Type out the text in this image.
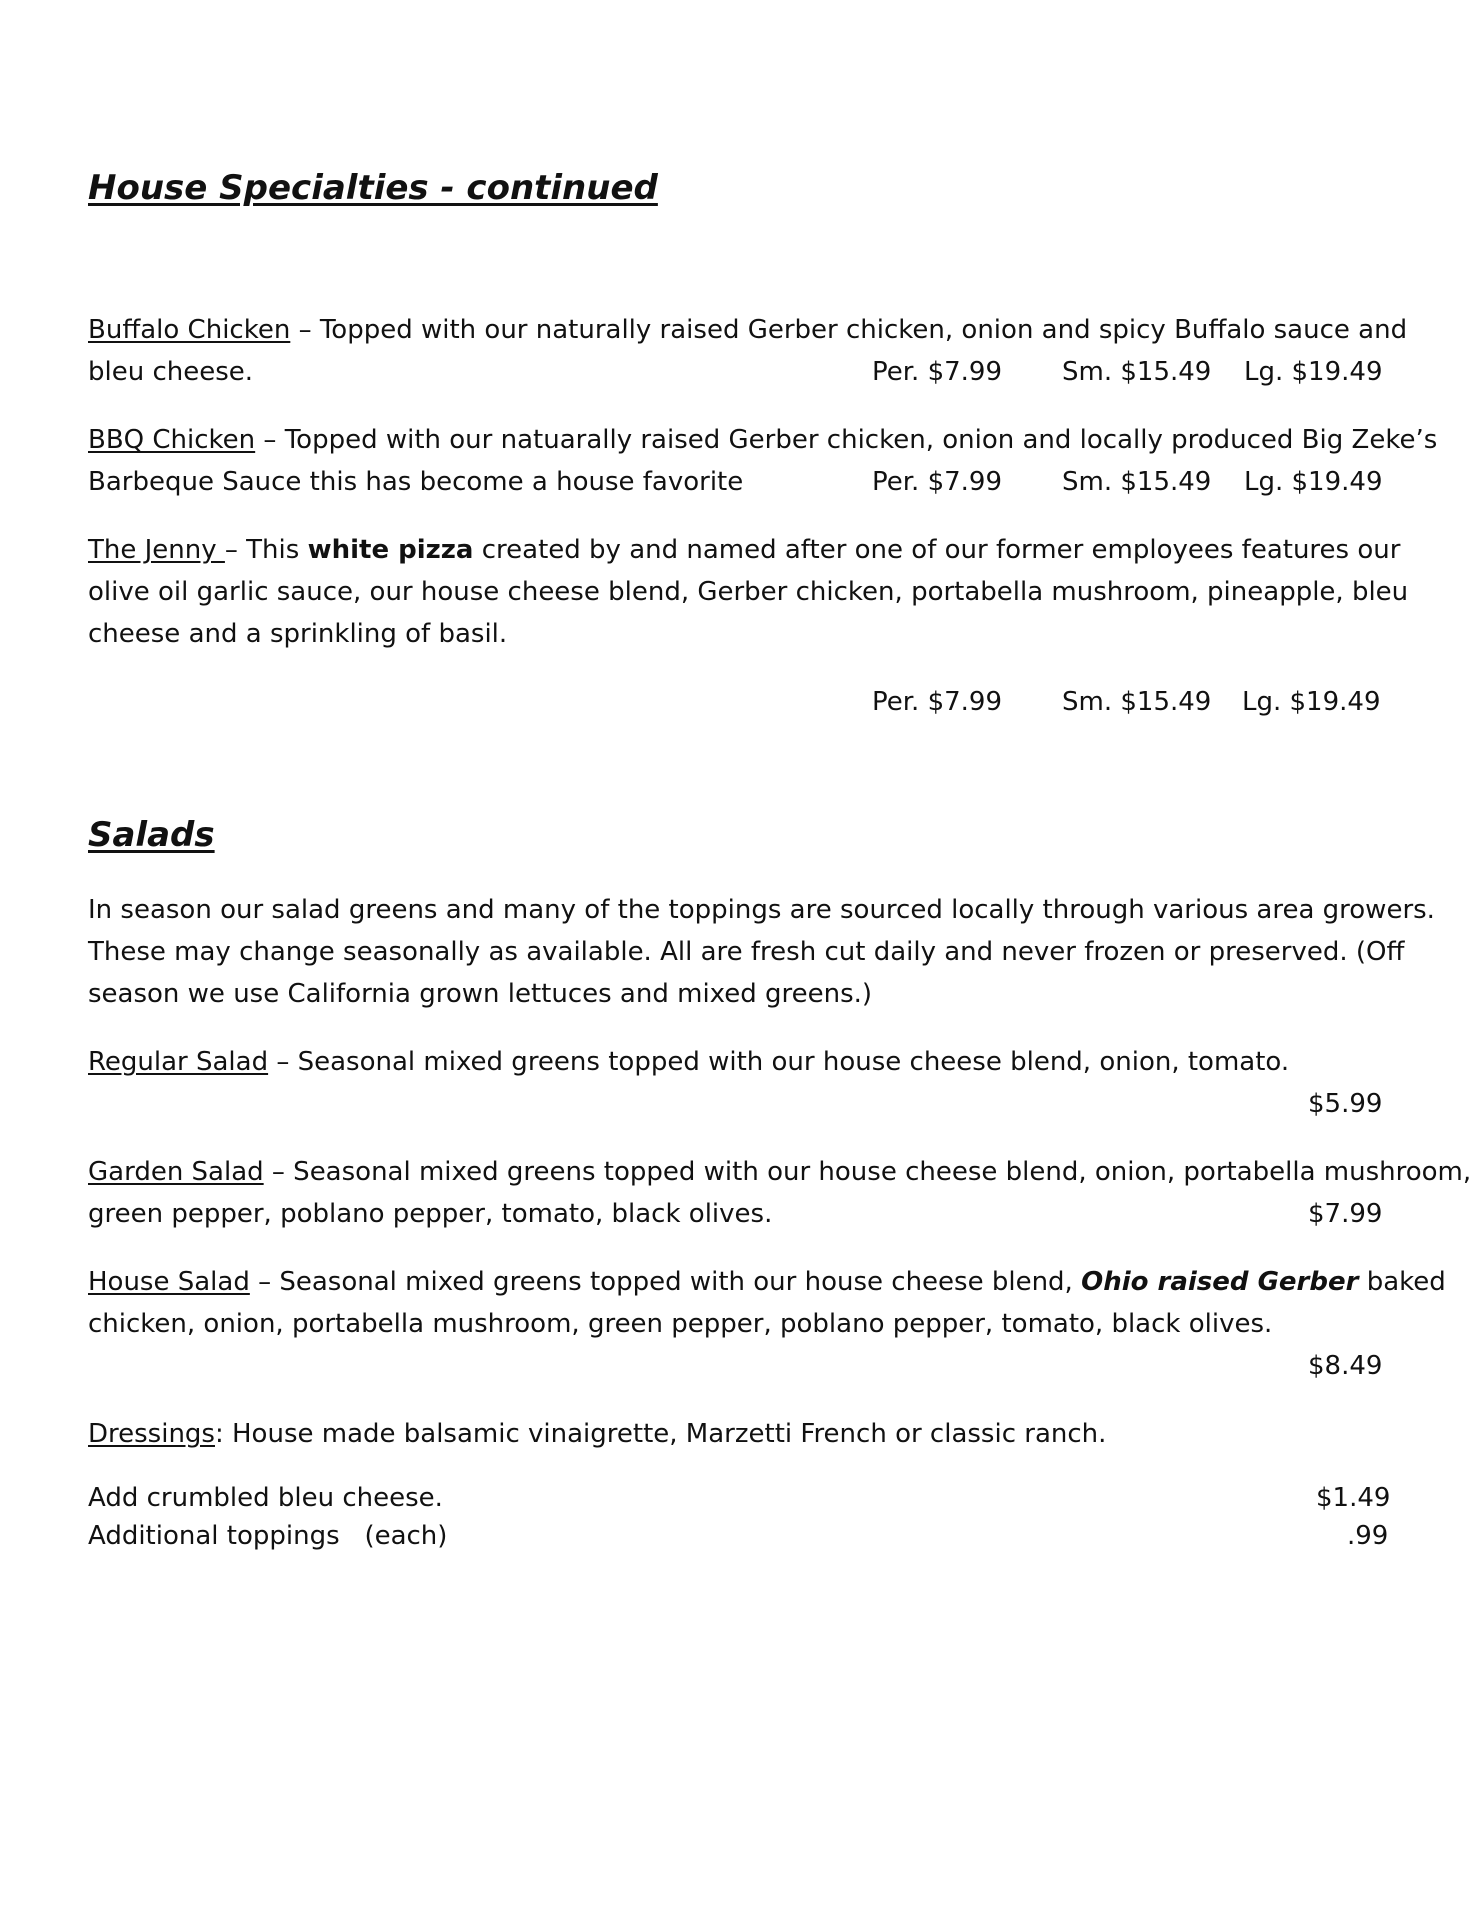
House Specialties - continued
Buffalo Chicken – Topped with our naturally raised Gerber chicken, onion and spicy Buffalo sauce and
bleu cheese.	Per. $7.99 Sm. $15.49 Lg. $19.49
BBQ Chicken – Topped with our natuarally raised Gerber chicken, onion and locally produced Big Zeke’s
Barbeque Sauce this has become a house favorite	Per. $7.99 Sm. $15.49 Lg. $19.49
The Jenny – This white pizza created by and named after one of our former employees features our
olive oil garlic sauce, our house cheese blend, Gerber chicken, portabella mushroom, pineapple, bleu
cheese and a sprinkling of basil.
Per. $7.99 Sm. $15.49 Lg. $19.49
Salads
In season our salad greens and many of the toppings are sourced locally through various area growers.
These may change seasonally as available. All are fresh cut daily and never frozen or preserved. (Off
season we use California grown lettuces and mixed greens.)
Regular Salad – Seasonal mixed greens topped with our house cheese blend, onion, tomato.
$5.99
Garden Salad – Seasonal mixed greens topped with our house cheese blend, onion, portabella mushroom,
green pepper, poblano pepper, tomato, black olives.	$7.99
House Salad – Seasonal mixed greens topped with our house cheese blend, Ohio raised Gerber baked
chicken, onion, portabella mushroom, green pepper, poblano pepper, tomato, black olives.
$8.49
Dressings: House made balsamic vinaigrette, Marzetti French or classic ranch.
Add crumbled bleu cheese.	$1.49
Additional toppings   (each)	.99
